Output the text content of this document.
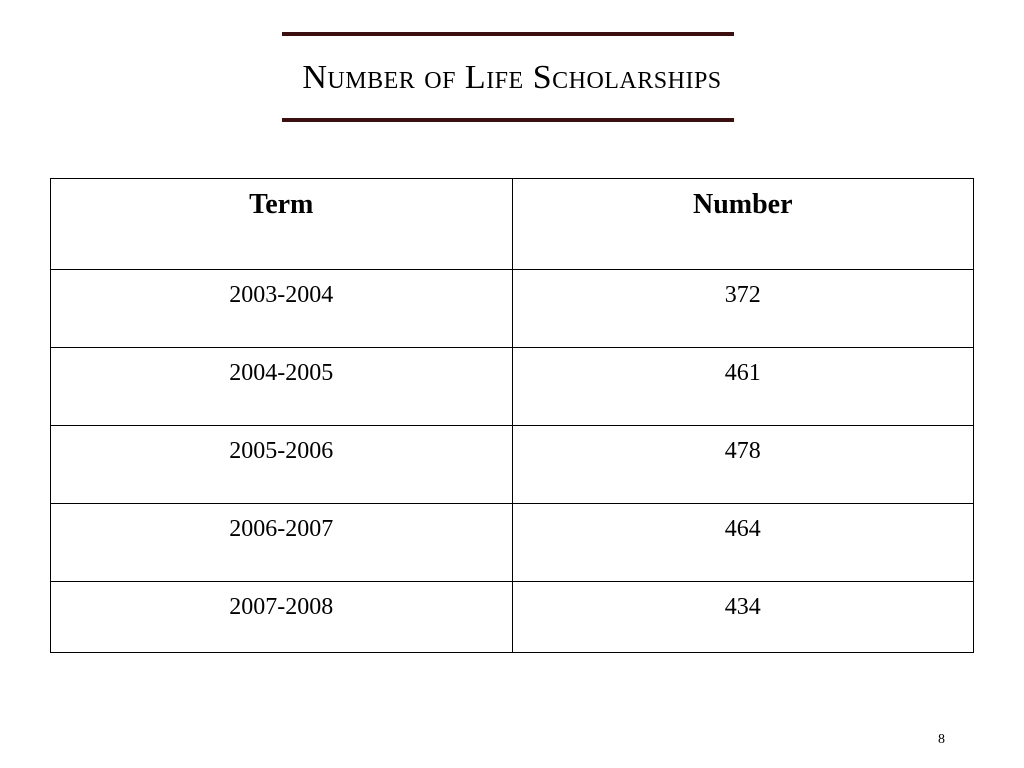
Number of Life Scholarships
Term	Number
2003-2004	372
2004-2005	461
2005-2006	478
2006-2007	464
2007-2008	434
8
